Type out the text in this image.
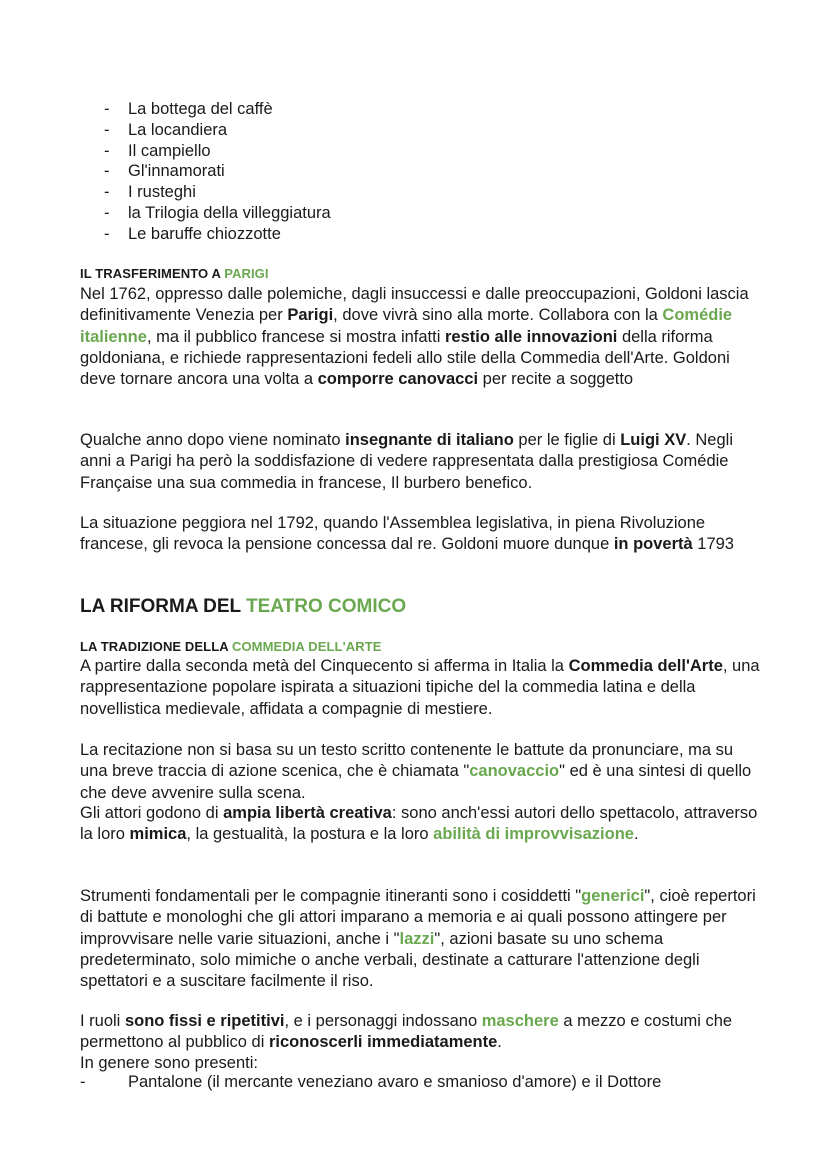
-	La bottega del caffè
-	La locandiera
-	Il campiello
-	Gl'innamorati
-	I rusteghi
-	la Trilogia della villeggiatura
-	Le baruffe chiozzotte
IL TRASFERIMENTO A PARIGI
Nel 1762, oppresso dalle polemiche, dagli insuccessi e dalle preoccupazioni, Goldoni lascia definitivamente Venezia per Parigi, dove vivrà sino alla morte. Collabora con la Comédie italienne, ma il pubblico francese si mostra infatti restio alle innovazioni della riforma goldoniana, e richiede rappresentazioni fedeli allo stile della Commedia dell'Arte. Goldoni deve tornare ancora una volta a comporre canovacci per recite a soggetto
Qualche anno dopo viene nominato insegnante di italiano per le figlie di Luigi XV. Negli anni a Parigi ha però la soddisfazione di vedere rappresentata dalla prestigiosa Comédie Française una sua commedia in francese, Il burbero benefico.
La situazione peggiora nel 1792, quando l'Assemblea legislativa, in piena Rivoluzione francese, gli revoca la pensione concessa dal re. Goldoni muore dunque in povertà 1793
LA RIFORMA DEL TEATRO COMICO
LA TRADIZIONE DELLA COMMEDIA DELL'ARTE
A partire dalla seconda metà del Cinquecento si afferma in Italia la Commedia dell'Arte, una rappresentazione popolare ispirata a situazioni tipiche del la commedia latina e della novellistica medievale, affidata a compagnie di mestiere.
La recitazione non si basa su un testo scritto contenente le battute da pronunciare, ma su una breve traccia di azione scenica, che è chiamata "canovaccio" ed è una sintesi di quello che deve avvenire sulla scena.
Gli attori godono di ampia libertà creativa: sono anch'essi autori dello spettacolo, attraverso la loro mimica, la gestualità, la postura e la loro abilità di improvvisazione.
Strumenti fondamentali per le compagnie itineranti sono i cosiddetti "generici", cioè repertori di battute e monologhi che gli attori imparano a memoria e ai quali possono attingere per improvvisare nelle varie situazioni, anche i "lazzi", azioni basate su uno schema predeterminato, solo mimiche o anche verbali, destinate a catturare l'attenzione degli spettatori e a suscitare facilmente il riso.
I ruoli sono fissi e ripetitivi, e i personaggi indossano maschere a mezzo e costumi che permettono al pubblico di riconoscerli immediatamente.
In genere sono presenti:
-	Pantalone (il mercante veneziano avaro e smanioso d'amore) e il Dottore
